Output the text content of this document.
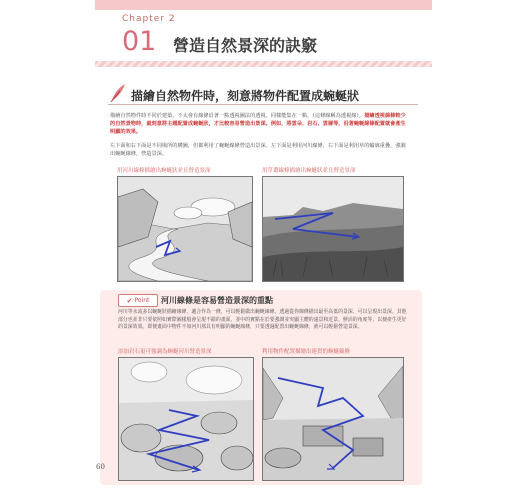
Chapter 2
01 營造自然景深的訣竅
描繪自然物件時，刻意將物件配置成蜿蜒狀
描繪自然物件時不同於建築，不太會有線條沿著一點透視圖法的透視。同樣能集在一點，（這條線稱為透視線）。描繪透視線條較少的自然景物時，最刻意將主題配置成蜿蜒狀，才比較容易營造出景深。例如，將雲朵、岩石、雲層等，沿著蜿蜒線條配置就會產生明顯的效果。
左下面和右下面是不同場所的構圖，但都利用了蜿蜒線條營造出景深。左下面是利用河川線條，右下面是利用草的輪廓重疊，強調出蜿蜒線條，營造景深。
用河川線條描繪出蜿蜒狀並且營造景深	用草叢線條描繪出蜿蜒狀並且營造景深
✔ Point 河川線條是容易營造景深的重點
河川等水流多以蜿蜒狀描繪線條，適合作為一條，可以輕鬆做出蜿蜒線條。透過從你線條描出最至高低的景深，可以呈現出景深。其他部分也並非只要依照如實際圖樣般會呈現不錯的畫面，並中的實點在於要強調並突顯主體的遠景和近景，鮮活的角度等，以便產生更好的景深效果。即便畫面中物件不如河川那具有明顯的蜿蜒線條，只要透過配置出蜿蜒線條，就可以輕鬆營造景深。
添加岩石更可強調為蜿蜒河川營造景深	利用物件配置描繪出連貫的蜿蜒線條
60
